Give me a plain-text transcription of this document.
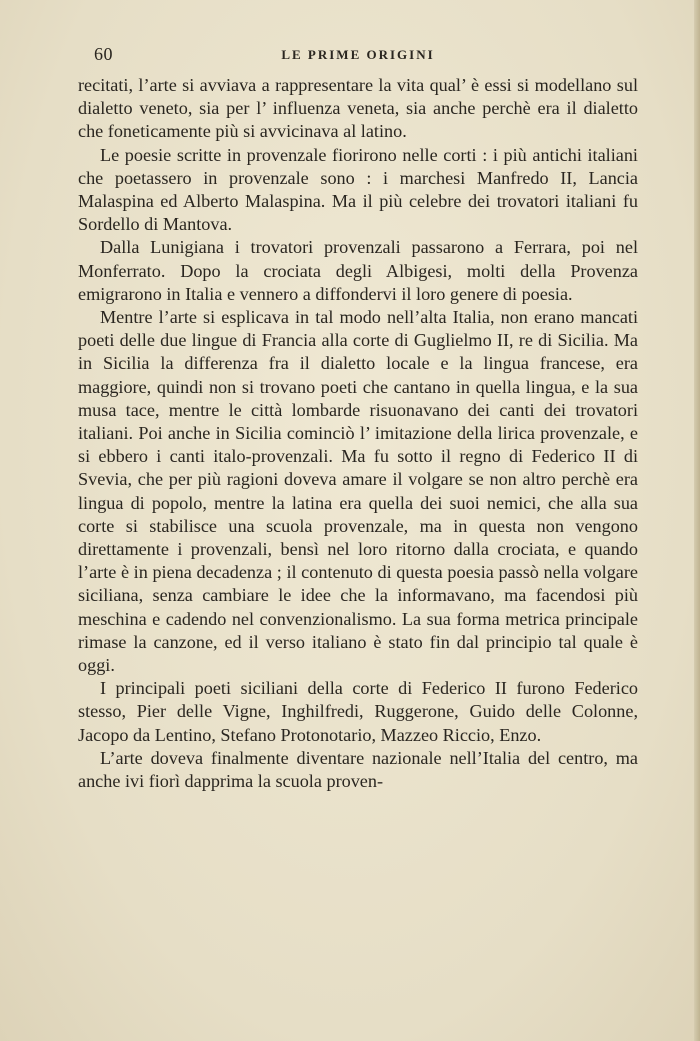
60	LE PRIME ORIGINI

recitati, l’arte si avviava a rappresentare la vita qual’ è essi si modellano sul dialetto veneto, sia per l’ influenza veneta, sia anche perchè era il dialetto che foneticamente più si avvicinava al latino.

Le poesie scritte in provenzale fiorirono nelle corti : i più antichi italiani che poetassero in provenzale sono : i marchesi Manfredo II, Lancia Malaspina ed Alberto Malaspina. Ma il più celebre dei trovatori italiani fu Sordello di Mantova.

Dalla Lunigiana i trovatori provenzali passarono a Ferrara, poi nel Monferrato. Dopo la crociata degli Albigesi, molti della Provenza emigrarono in Italia e vennero a diffondervi il loro genere di poesia.

Mentre l’arte si esplicava in tal modo nell’alta Italia, non erano mancati poeti delle due lingue di Francia alla corte di Guglielmo II, re di Sicilia. Ma in Sicilia la differenza fra il dialetto locale e la lingua francese, era maggiore, quindi non si trovano poeti che cantano in quella lingua, e la sua musa tace, mentre le città lombarde risuonavano dei canti dei trovatori italiani. Poi anche in Sicilia cominciò l’ imitazione della lirica provenzale, e si ebbero i canti italo-provenzali. Ma fu sotto il regno di Federico II di Svevia, che per più ragioni doveva amare il volgare se non altro perchè era lingua di popolo, mentre la latina era quella dei suoi nemici, che alla sua corte si stabilisce una scuola provenzale, ma in questa non vengono direttamente i provenzali, bensì nel loro ritorno dalla crociata, e quando l’arte è in piena decadenza ; il contenuto di questa poesia passò nella volgare siciliana, senza cambiare le idee che la informavano, ma facendosi più meschina e cadendo nel convenzionalismo. La sua forma metrica principale rimase la canzone, ed il verso italiano è stato fin dal principio tal quale è oggi.

I principali poeti siciliani della corte di Federico II furono Federico stesso, Pier delle Vigne, Inghilfredi, Ruggerone, Guido delle Colonne, Jacopo da Lentino, Stefano Protonotario, Mazzeo Riccio, Enzo.

L’arte doveva finalmente diventare nazionale nell’Italia del centro, ma anche ivi fiorì dapprima la scuola proven-
